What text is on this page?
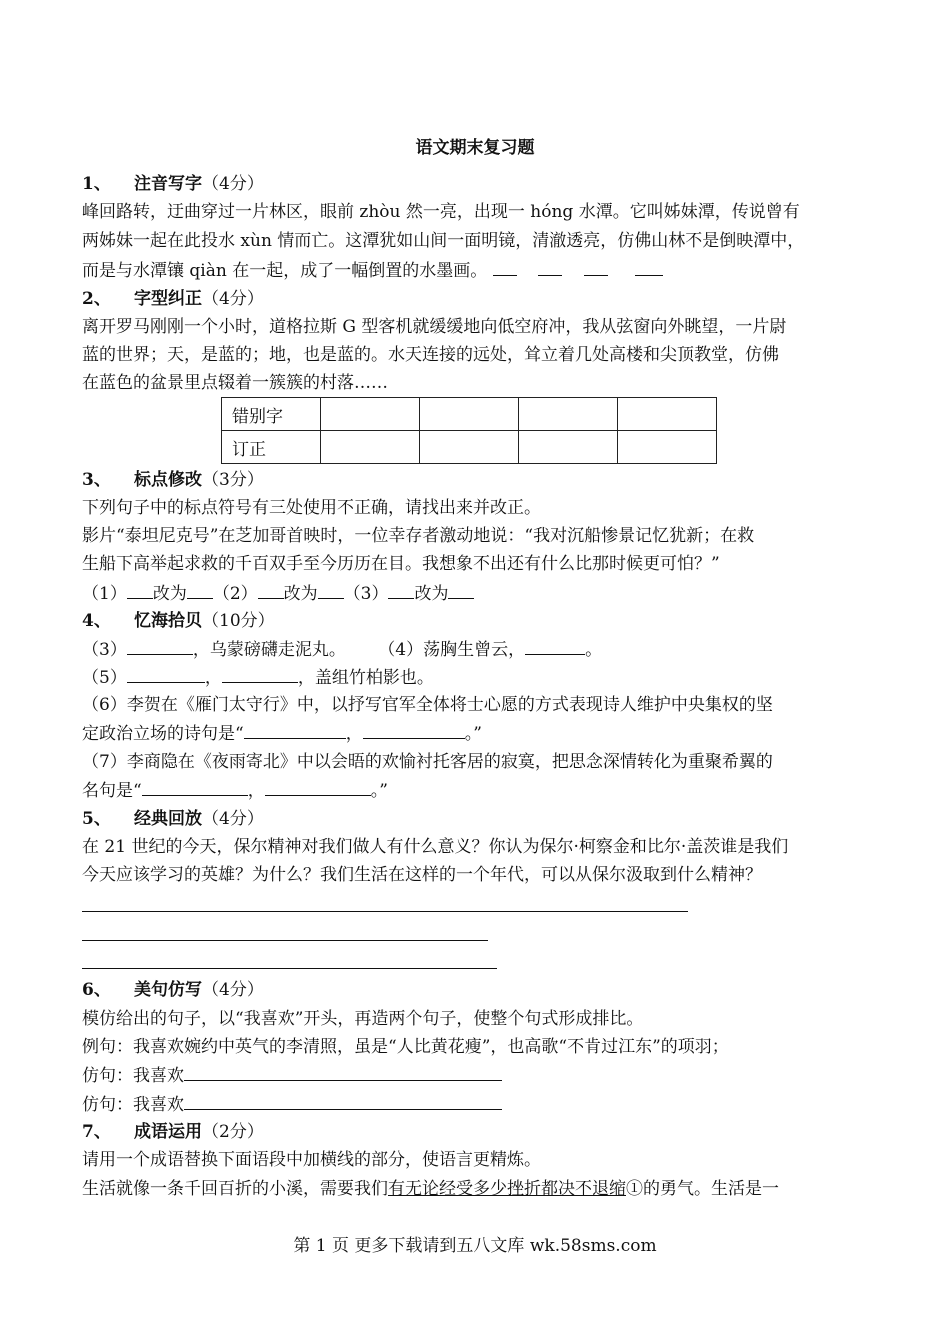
语文期末复习题
1、 注音写字（4分）
峰回路转，迂曲穿过一片林区，眼前 zhòu 然一亮，出现一 hóng 水潭。它叫姊妹潭，传说曾有
两姊妹一起在此投水 xùn 情而亡。这潭犹如山间一面明镜，清澈透亮，仿佛山林不是倒映潭中，
而是与水潭镶 qiàn 在一起，成了一幅倒置的水墨画。
2、 字型纠正（4分）
离开罗马刚刚一个小时，道格拉斯 G 型客机就缓缓地向低空府冲，我从弦窗向外眺望，一片尉
蓝的世界；天，是蓝的；地，也是蓝的。水天连接的远处，耸立着几处高楼和尖顶教堂，仿佛
在蓝色的盆景里点辍着一簇簇的村落……
错别字				
订正				
3、 标点修改（3分）
下列句子中的标点符号有三处使用不正确，请找出来并改正。
影片“泰坦尼克号”在芝加哥首映时，一位幸存者激动地说：“我对沉船惨景记忆犹新；在救
生船下高举起求救的千百双手至今历历在目。我想象不出还有什么比那时候更可怕？”
（1） 改为 （2） 改为 （3） 改为
4、 忆海拾贝（10分）
（3）	，乌蒙磅礴走泥丸。 （4）荡胸生曾云，	。
（5）	，	，盖组竹柏影也。
（6）李贺在《雁门太守行》中，以抒写官军全体将士心愿的方式表现诗人维护中央集权的坚
定政治立场的诗句是“	，	。”
（7）李商隐在《夜雨寄北》中以会晤的欢愉衬托客居的寂寞，把思念深情转化为重聚希翼的
名句是“	，	。”
5、 经典回放（4分）
在 21 世纪的今天，保尔精神对我们做人有什么意义？你认为保尔·柯察金和比尔·盖茨谁是我们
今天应该学习的英雄？为什么？我们生活在这样的一个年代，可以从保尔汲取到什么精神？
6、 美句仿写（4分）
模仿给出的句子，以“我喜欢”开头，再造两个句子，使整个句式形成排比。
例句：我喜欢婉约中英气的李清照，虽是“人比黄花瘦”，也高歌“不肯过江东”的项羽；
仿句：我喜欢
仿句：我喜欢
7、 成语运用（2分）
请用一个成语替换下面语段中加横线的部分，使语言更精炼。
生活就像一条千回百折的小溪，需要我们有无论经受多少挫折都决不退缩①的勇气。生活是一
第 1 页 更多下载请到五八文库 wk.58sms.com
